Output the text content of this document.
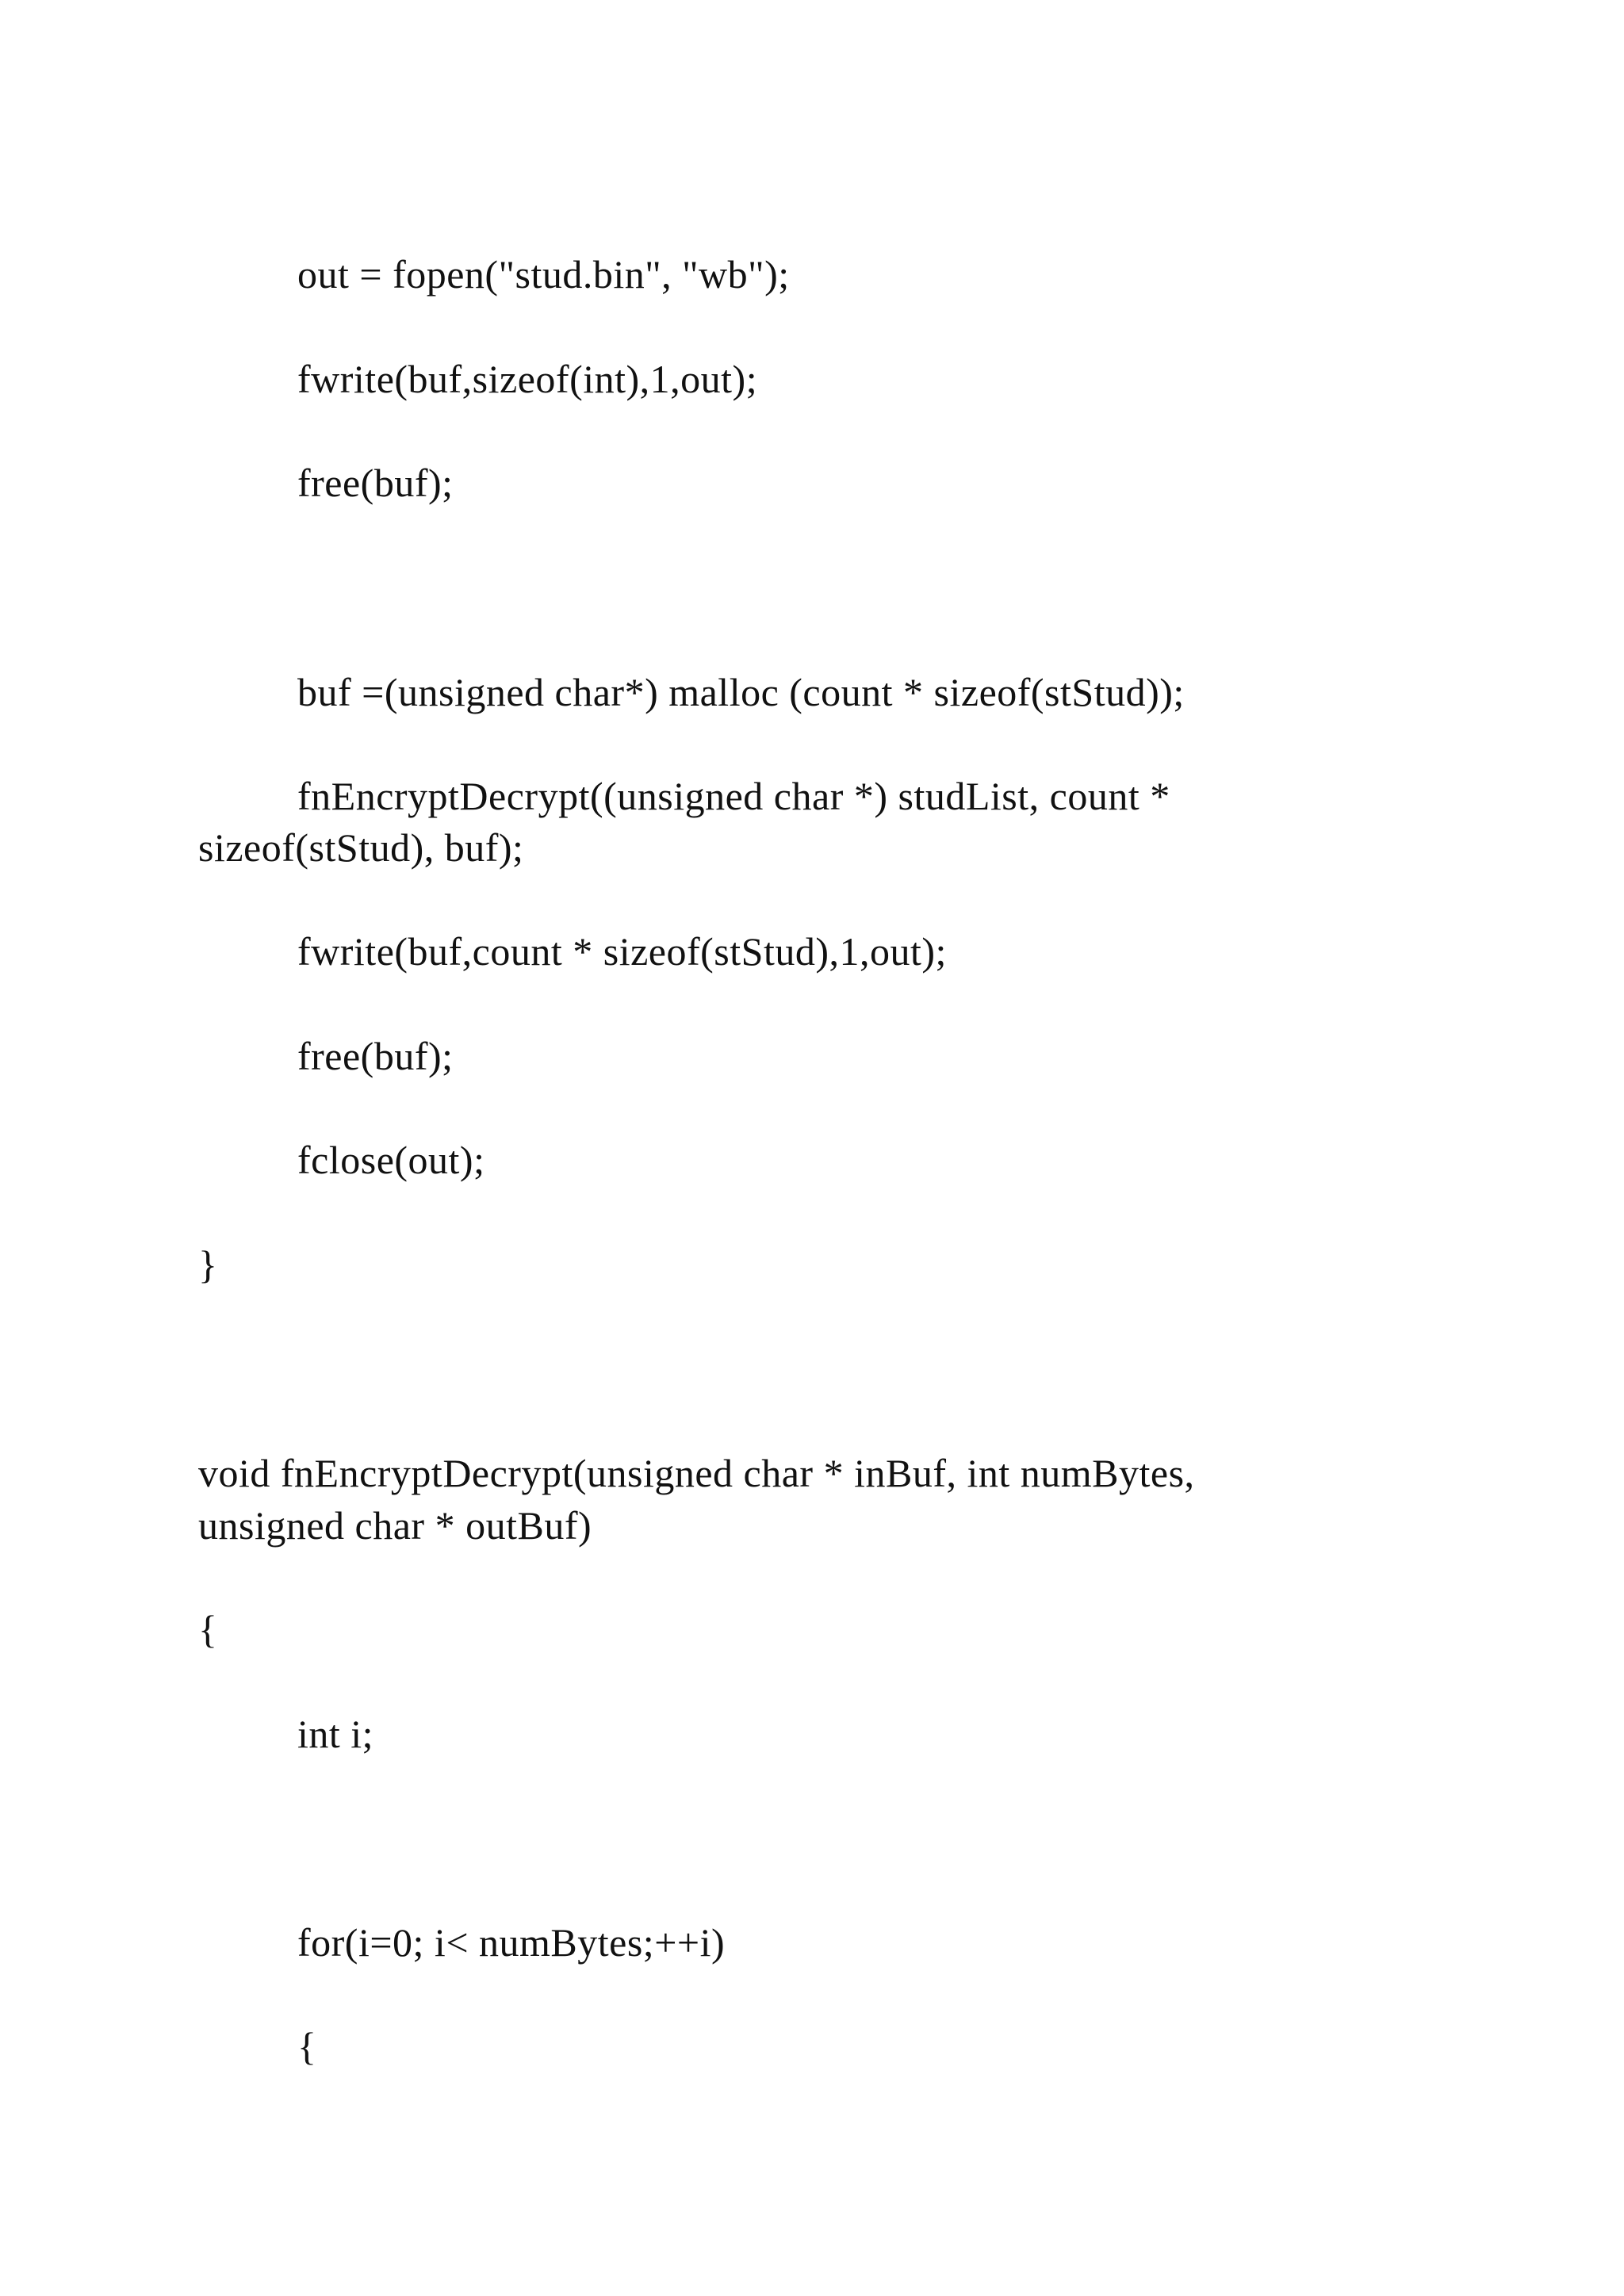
out = fopen("stud.bin", "wb");
fwrite(buf,sizeof(int),1,out);
free(buf);
buf =(unsigned char*) malloc (count * sizeof(stStud));
fnEncryptDecrypt((unsigned char *) studList, count *
sizeof(stStud), buf);
fwrite(buf,count * sizeof(stStud),1,out);
free(buf);
fclose(out);
}
void fnEncryptDecrypt(unsigned char * inBuf, int numBytes,
unsigned char * outBuf)
{
int i;
for(i=0; i< numBytes;++i)
{
